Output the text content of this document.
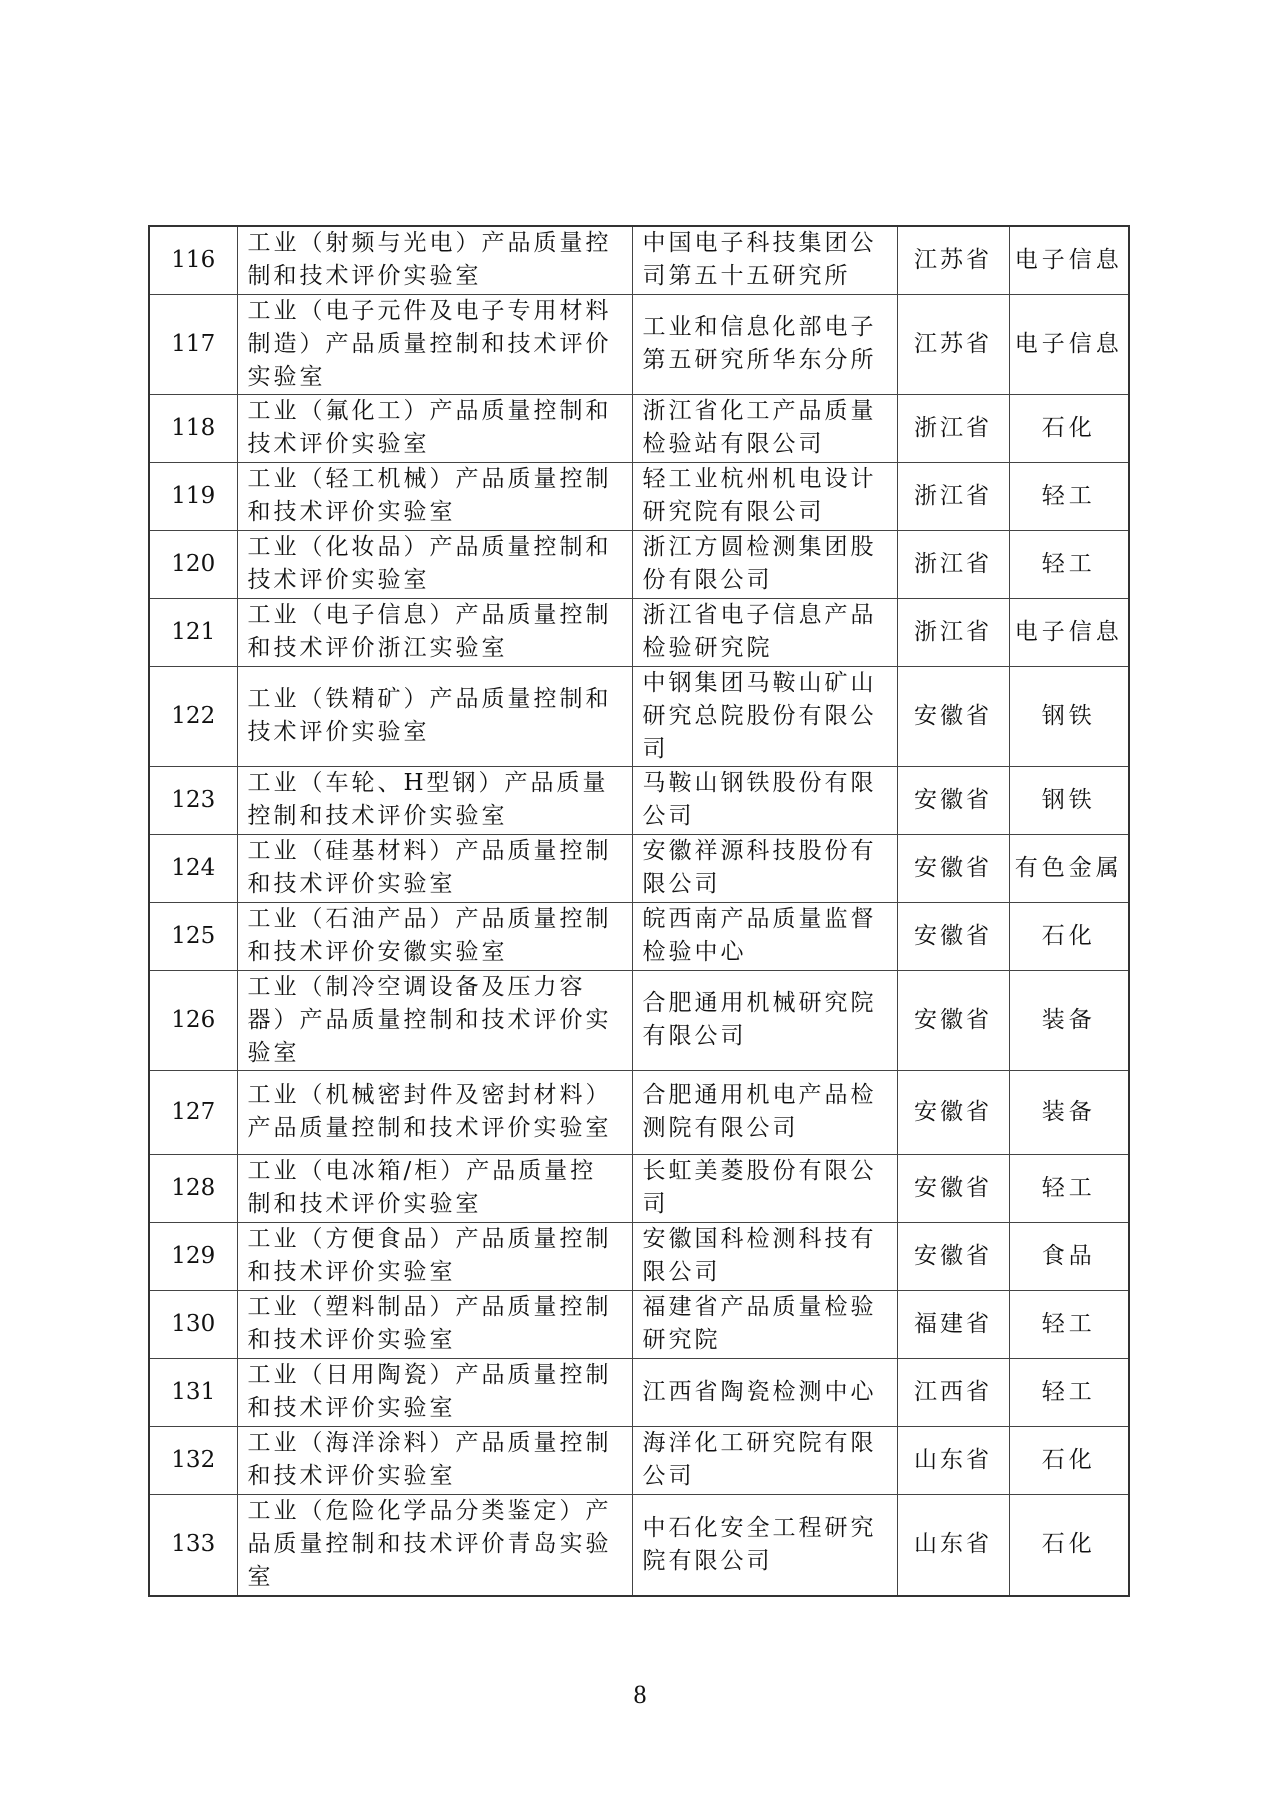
116	工业（射频与光电）产品质量控制和技术评价实验室	中国电子科技集团公司第五十五研究所	江苏省	电子信息
117	工业（电子元件及电子专用材料制造）产品质量控制和技术评价实验室	工业和信息化部电子第五研究所华东分所	江苏省	电子信息
118	工业（氟化工）产品质量控制和技术评价实验室	浙江省化工产品质量检验站有限公司	浙江省	石化
119	工业（轻工机械）产品质量控制和技术评价实验室	轻工业杭州机电设计研究院有限公司	浙江省	轻工
120	工业（化妆品）产品质量控制和技术评价实验室	浙江方圆检测集团股份有限公司	浙江省	轻工
121	工业（电子信息）产品质量控制和技术评价浙江实验室	浙江省电子信息产品检验研究院	浙江省	电子信息
122	工业（铁精矿）产品质量控制和技术评价实验室	中钢集团马鞍山矿山研究总院股份有限公司	安徽省	钢铁
123	工业（车轮、H型钢）产品质量控制和技术评价实验室	马鞍山钢铁股份有限公司	安徽省	钢铁
124	工业（硅基材料）产品质量控制和技术评价实验室	安徽祥源科技股份有限公司	安徽省	有色金属
125	工业（石油产品）产品质量控制和技术评价安徽实验室	皖西南产品质量监督检验中心	安徽省	石化
126	工业（制冷空调设备及压力容器）产品质量控制和技术评价实验室	合肥通用机械研究院有限公司	安徽省	装备
127	工业（机械密封件及密封材料）产品质量控制和技术评价实验室	合肥通用机电产品检测院有限公司	安徽省	装备
128	工业（电冰箱/柜）产品质量控制和技术评价实验室	长虹美菱股份有限公司	安徽省	轻工
129	工业（方便食品）产品质量控制和技术评价实验室	安徽国科检测科技有限公司	安徽省	食品
130	工业（塑料制品）产品质量控制和技术评价实验室	福建省产品质量检验研究院	福建省	轻工
131	工业（日用陶瓷）产品质量控制和技术评价实验室	江西省陶瓷检测中心	江西省	轻工
132	工业（海洋涂料）产品质量控制和技术评价实验室	海洋化工研究院有限公司	山东省	石化
133	工业（危险化学品分类鉴定）产品质量控制和技术评价青岛实验室	中石化安全工程研究院有限公司	山东省	石化
8
